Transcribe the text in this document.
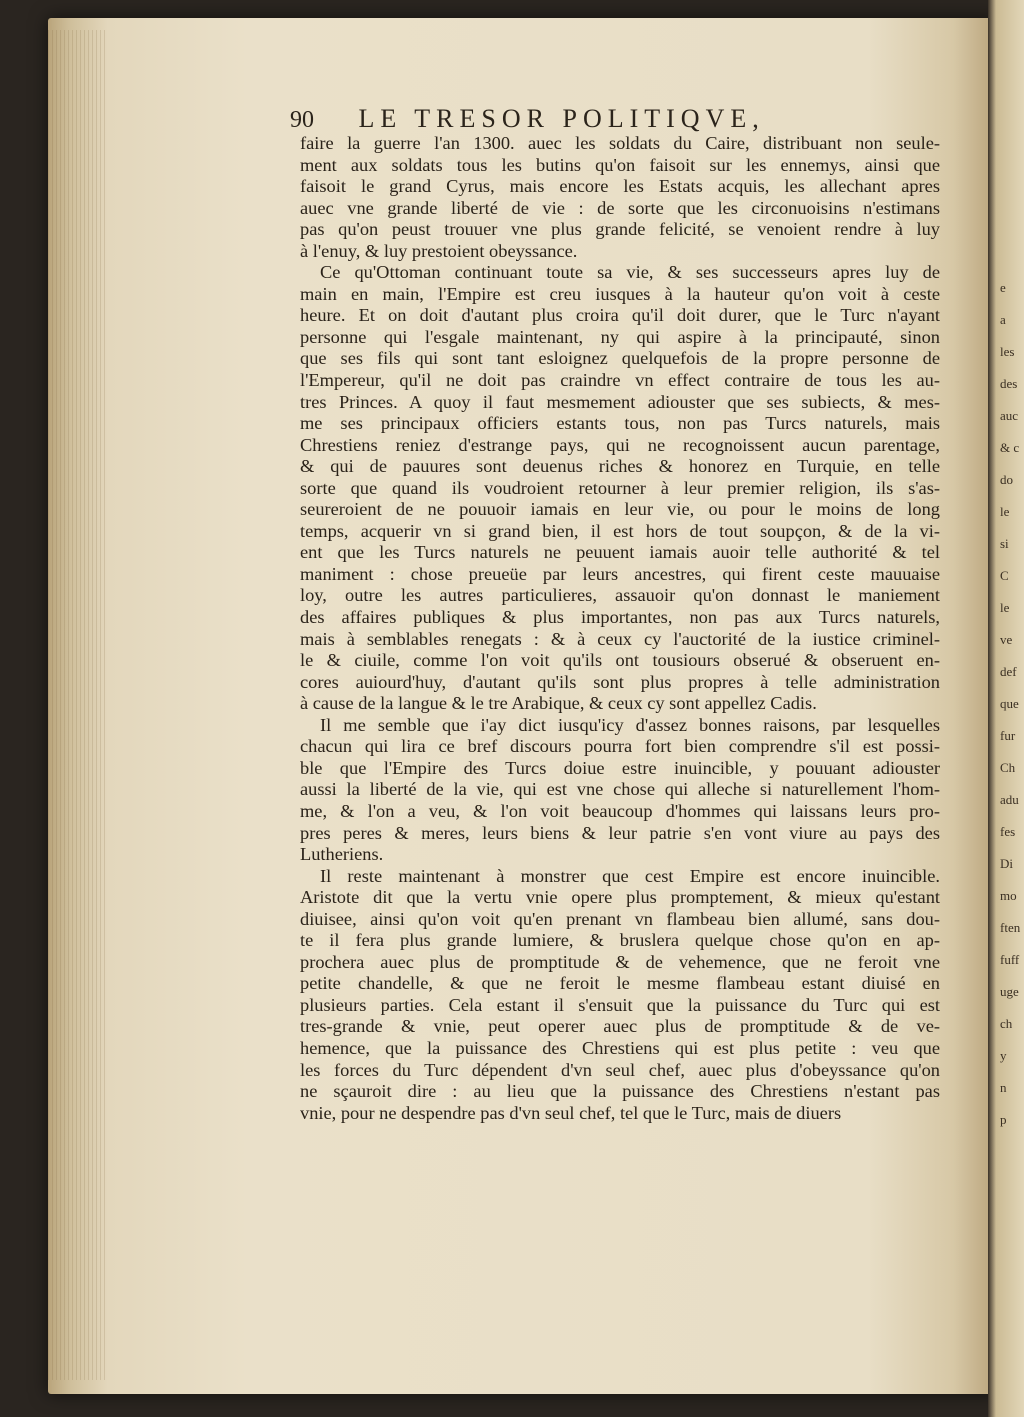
e
a
les
des
auc
& c
do
le
si
C
le
ve
def
que
fur
Ch
adu
fes
Di
mo
ften
fuff
uge
ch
y
n
p
90 LE TRESOR POLITIQVE,
faire la guerre l'an 1300. auec les soldats du Caire, distribuant non seule-
ment aux soldats tous les butins qu'on faisoit sur les ennemys, ainsi que
faisoit le grand Cyrus, mais encore les Estats acquis, les allechant apres
auec vne grande liberté de vie : de sorte que les circonuoisins n'estimans
pas qu'on peust trouuer vne plus grande felicité, se venoient rendre à luy
à l'enuy, & luy prestoient obeyssance.
Ce qu'Ottoman continuant toute sa vie, & ses successeurs apres luy de
main en main, l'Empire est creu iusques à la hauteur qu'on voit à ceste
heure. Et on doit d'autant plus croira qu'il doit durer, que le Turc n'ayant
personne qui l'esgale maintenant, ny qui aspire à la principauté, sinon
que ses fils qui sont tant esloignez quelquefois de la propre personne de
l'Empereur, qu'il ne doit pas craindre vn effect contraire de tous les au-
tres Princes. A quoy il faut mesmement adiouster que ses subiects, & mes-
me ses principaux officiers estants tous, non pas Turcs naturels, mais
Chrestiens reniez d'estrange pays, qui ne recognoissent aucun parentage,
& qui de pauures sont deuenus riches & honorez en Turquie, en telle
sorte que quand ils voudroient retourner à leur premier religion, ils s'as-
seureroient de ne pouuoir iamais en leur vie, ou pour le moins de long
temps, acquerir vn si grand bien, il est hors de tout soupçon, & de la vi-
ent que les Turcs naturels ne peuuent iamais auoir telle authorité & tel
maniment : chose preueüe par leurs ancestres, qui firent ceste mauuaise
loy, outre les autres particulieres, assauoir qu'on donnast le maniement
des affaires publiques & plus importantes, non pas aux Turcs naturels,
mais à semblables renegats : & à ceux cy l'auctorité de la iustice criminel-
le & ciuile, comme l'on voit qu'ils ont tousiours obserué & obseruent en-
cores auiourd'huy, d'autant qu'ils sont plus propres à telle administration
à cause de la langue & le tre Arabique, & ceux cy sont appellez Cadis.
Il me semble que i'ay dict iusqu'icy d'assez bonnes raisons, par lesquelles
chacun qui lira ce bref discours pourra fort bien comprendre s'il est possi-
ble que l'Empire des Turcs doiue estre inuincible, y pouuant adiouster
aussi la liberté de la vie, qui est vne chose qui alleche si naturellement l'hom-
me, & l'on a veu, & l'on voit beaucoup d'hommes qui laissans leurs pro-
pres peres & meres, leurs biens & leur patrie s'en vont viure au pays des
Lutheriens.
Il reste maintenant à monstrer que cest Empire est encore inuincible.
Aristote dit que la vertu vnie opere plus promptement, & mieux qu'estant
diuisee, ainsi qu'on voit qu'en prenant vn flambeau bien allumé, sans dou-
te il fera plus grande lumiere, & bruslera quelque chose qu'on en ap-
prochera auec plus de promptitude & de vehemence, que ne feroit vne
petite chandelle, & que ne feroit le mesme flambeau estant diuisé en
plusieurs parties. Cela estant il s'ensuit que la puissance du Turc qui est
tres-grande & vnie, peut operer auec plus de promptitude & de ve-
hemence, que la puissance des Chrestiens qui est plus petite : veu que
les forces du Turc dépendent d'vn seul chef, auec plus d'obeyssance qu'on
ne sçauroit dire : au lieu que la puissance des Chrestiens n'estant pas
vnie, pour ne despendre pas d'vn seul chef, tel que le Turc, mais de diuers
